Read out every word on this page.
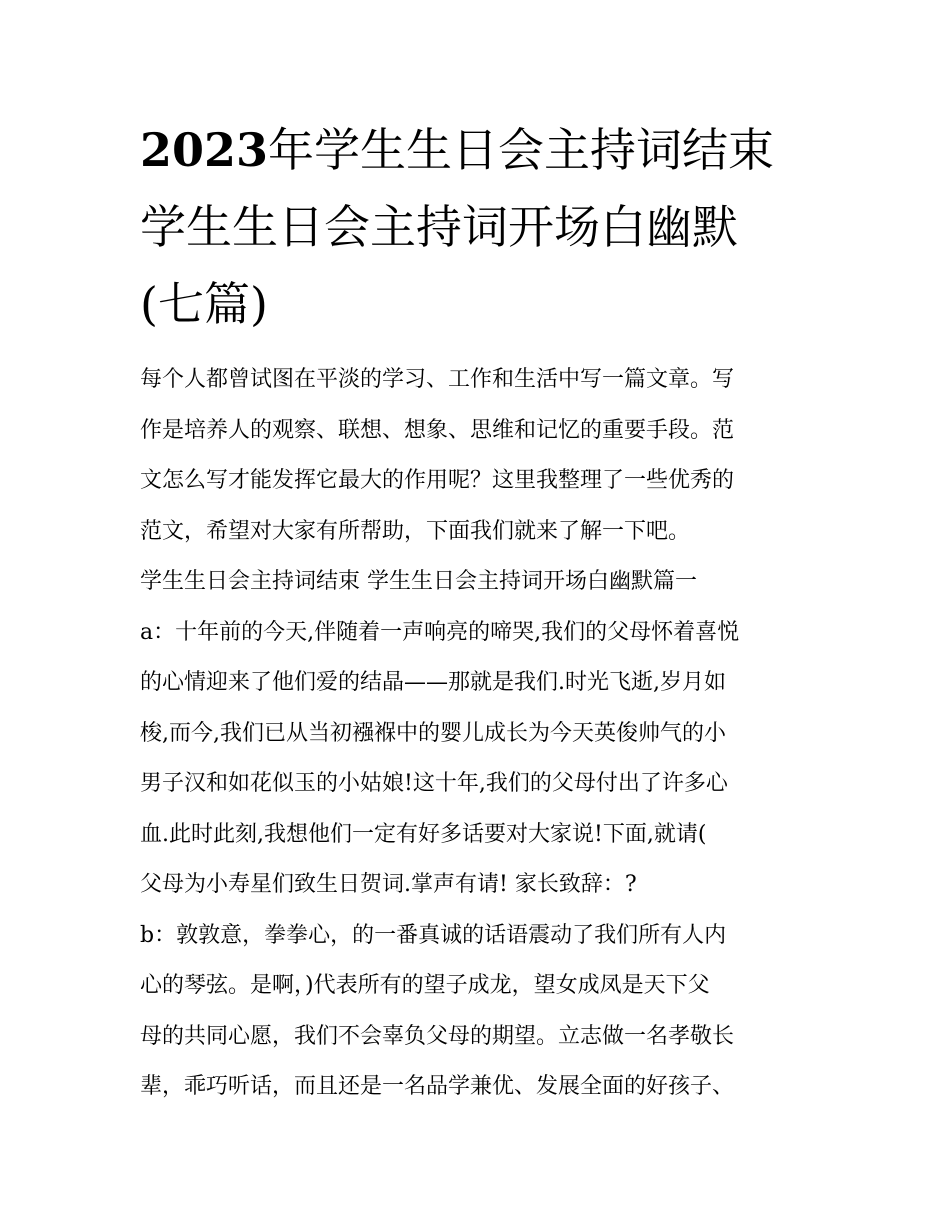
2023年学生生日会主持词结束
学生生日会主持词开场白幽默
(七篇)
每个人都曾试图在平淡的学习、工作和生活中写一篇文章。写
作是培养人的观察、联想、想象、思维和记忆的重要手段。范
文怎么写才能发挥它最大的作用呢？这里我整理了一些优秀的
范文，希望对大家有所帮助，下面我们就来了解一下吧。
学生生日会主持词结束 学生生日会主持词开场白幽默篇一
a：十年前的今天,伴随着一声响亮的啼哭,我们的父母怀着喜悦
的心情迎来了他们爱的结晶——那就是我们.时光飞逝,岁月如
梭,而今,我们已从当初襁褓中的婴儿成长为今天英俊帅气的小
男子汉和如花似玉的小姑娘!这十年,我们的父母付出了许多心
血.此时此刻,我想他们一定有好多话要对大家说!下面,就请(
父母为小寿星们致生日贺词.掌声有请! 家长致辞：?
b：敦敦意，拳拳心，的一番真诚的话语震动了我们所有人内
心的琴弦。是啊，)代表所有的望子成龙，望女成凤是天下父
母的共同心愿，我们不会辜负父母的期望。立志做一名孝敬长
辈，乖巧听话，而且还是一名品学兼优、发展全面的好孩子、
